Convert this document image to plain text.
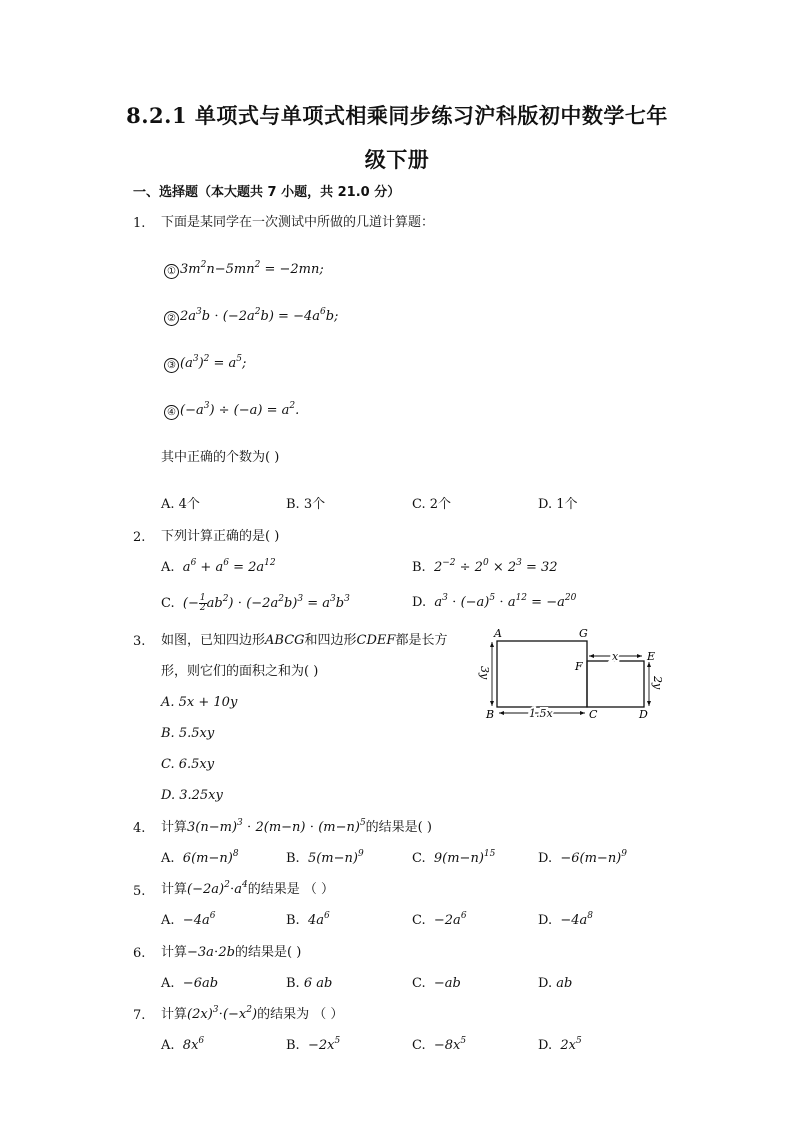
8.2.1 单项式与单项式相乘同步练习沪科版初中数学七年
级下册
一、选择题（本大题共 7 小题，共 21.0 分）
1. 下面是某同学在一次测试中所做的几道计算题：
① $3m^2n-5mn^2 = -2mn$;
② $2a^3b \cdot (-2a^2b) = -4a^6b$;
③ $(a^3)^2 = a^5$;
④ $(-a^3) \div (-a) = a^2$.
其中正确的个数为( )
A. 4个	B. 3个	C. 2个	D. 1个
2. 下列计算正确的是( )
A.  $a^6 + a^6 = 2a^{12}$	B.  $2^{-2} \div 2^0 \times 2^3 = 32$
C.  (− $\frac{1}{2} ab^2) \cdot (-2a^2b)^3 = a^3b^3$	D.  $a^3 \cdot (-a)^5 \cdot a^{12} = -a^{20}$
3. 如图，已知四边形ABCG和四边形CDEF都是长方
形，则它们的面积之和为( )
A. 5x + 10y
B. 5.5xy
C. 6.5xy
D. 3.25xy
A	G
F
E
B	C	D
x
2y
3y
1.5x
4. 计算$3(n-m)^3 \cdot 2(m-n) \cdot (m-n)^5$的结果是( )
A.  $6(m-n)^8$	B.  $5(m-n)^9$	C.  $9(m-n)^{15}$	D.  $-6(m-n)^9$
5. 计算$(-2a)^2\cdot a^4$的结果是 （ ）
A.  $-4a^6$	B.  $4a^6$	C.  $-2a^6$	D.  $-4a^8$
6. 计算−3a⋅2b的结果是( )
A.  −6ab	B. 6 ab	C.  −ab	D. ab
7. 计算$(2x)^3\cdot(-x^2)$的结果为 （ ）
A.  $8x^6$	B.  $-2x^5$	C.  $-8x^5$	D.  $2x^5$
